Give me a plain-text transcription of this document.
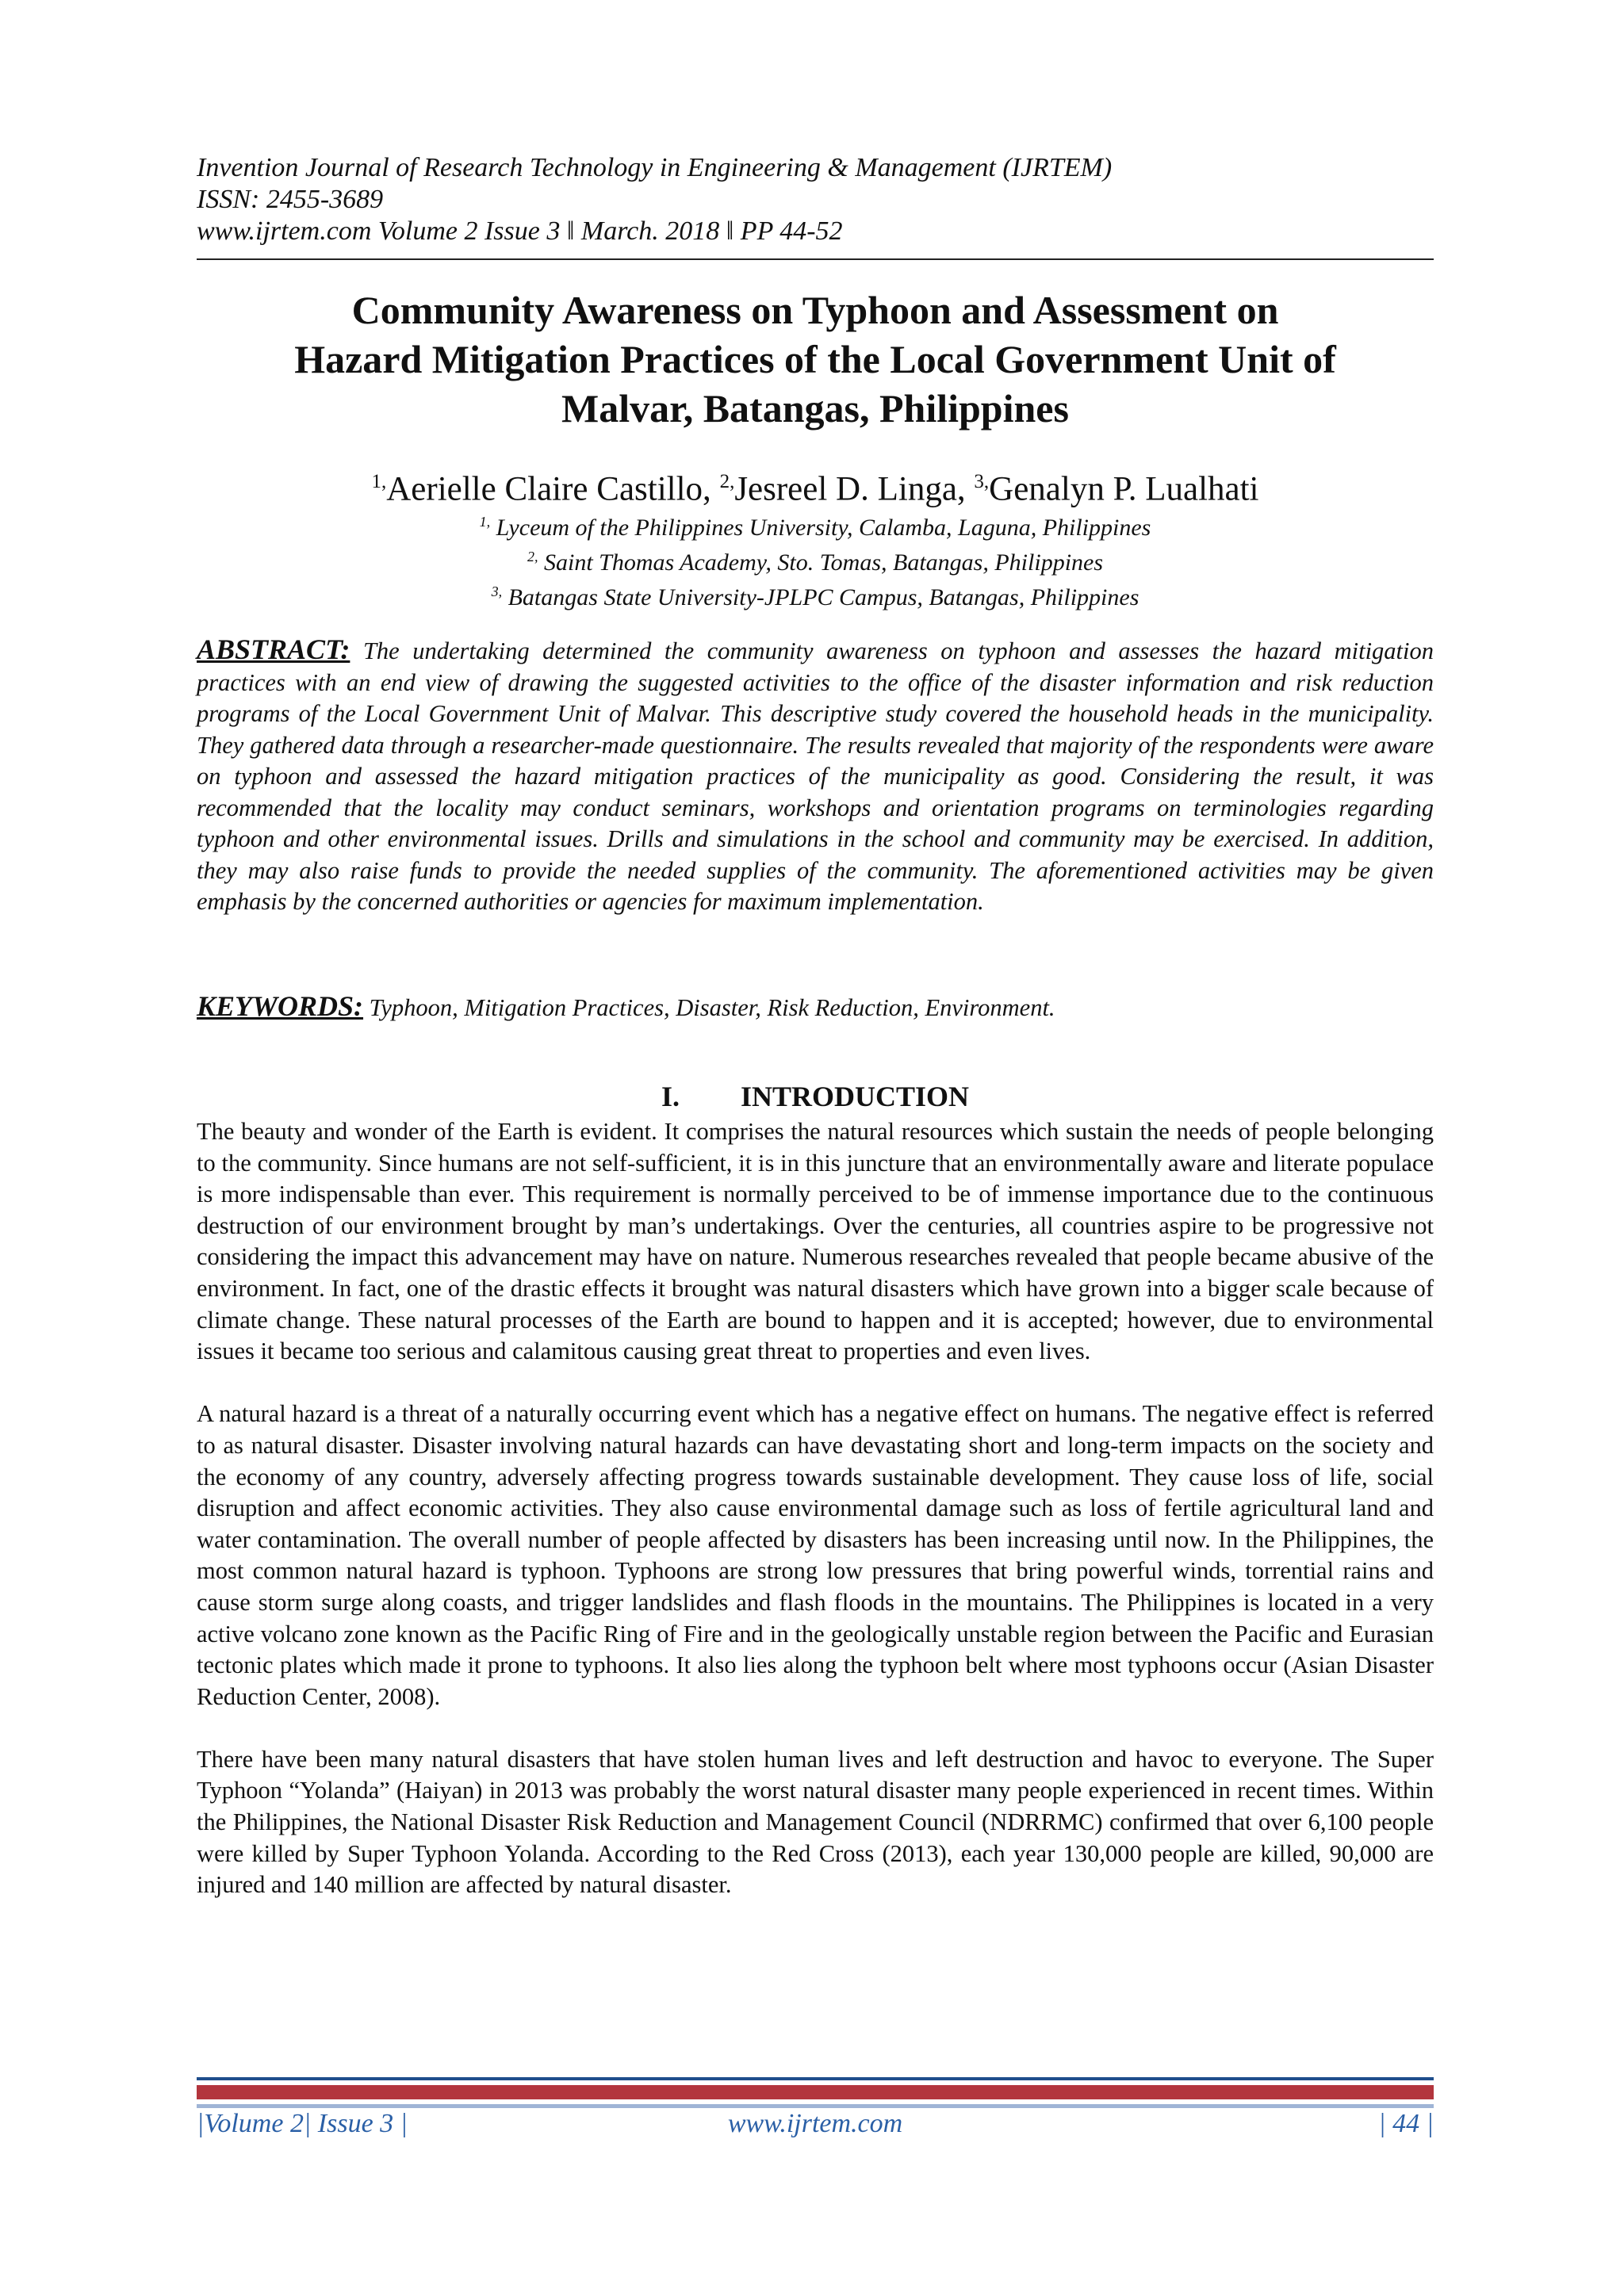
Invention Journal of Research Technology in Engineering & Management (IJRTEM)
ISSN: 2455-3689
www.ijrtem.com Volume 2 Issue 3 ‖ March. 2018 ‖ PP 44-52
Community Awareness on Typhoon and Assessment on
Hazard Mitigation Practices of the Local Government Unit of
Malvar, Batangas, Philippines
$^{1,}$Aerielle Claire Castillo, $^{2,}$Jesreel D. Linga, $^{3,}$Genalyn P. Lualhati
$^{1,}$ Lyceum of the Philippines University, Calamba, Laguna, Philippines
$^{2,}$ Saint Thomas Academy, Sto. Tomas, Batangas, Philippines
$^{3,}$ Batangas State University-JPLPC Campus, Batangas, Philippines
ABSTRACT: The undertaking determined the community awareness on typhoon and assesses the hazard mitigation practices with an end view of drawing the suggested activities to the office of the disaster information and risk reduction programs of the Local Government Unit of Malvar. This descriptive study covered the household heads in the municipality. They gathered data through a researcher-made questionnaire. The results revealed that majority of the respondents were aware on typhoon and assessed the hazard mitigation practices of the municipality as good. Considering the result, it was recommended that the locality may conduct seminars, workshops and orientation programs on terminologies regarding typhoon and other environmental issues. Drills and simulations in the school and community may be exercised. In addition, they may also raise funds to provide the needed supplies of the community. The aforementioned activities may be given emphasis by the concerned authorities or agencies for maximum implementation.
KEYWORDS: Typhoon, Mitigation Practices, Disaster, Risk Reduction, Environment.
I. INTRODUCTION

The beauty and wonder of the Earth is evident. It comprises the natural resources which sustain the needs of people belonging to the community. Since humans are not self-sufficient, it is in this juncture that an environmentally aware and literate populace is more indispensable than ever. This requirement is normally perceived to be of immense importance due to the continuous destruction of our environment brought by man’s undertakings. Over the centuries, all countries aspire to be progressive not considering the impact this advancement may have on nature. Numerous researches revealed that people became abusive of the environment. In fact, one of the drastic effects it brought was natural disasters which have grown into a bigger scale because of climate change. These natural processes of the Earth are bound to happen and it is accepted; however, due to environmental issues it became too serious and calamitous causing great threat to properties and even lives.

A natural hazard is a threat of a naturally occurring event which has a negative effect on humans. The negative effect is referred to as natural disaster. Disaster involving natural hazards can have devastating short and long-term impacts on the society and the economy of any country, adversely affecting progress towards sustainable development. They cause loss of life, social disruption and affect economic activities. They also cause environmental damage such as loss of fertile agricultural land and water contamination. The overall number of people affected by disasters has been increasing until now. In the Philippines, the most common natural hazard is typhoon. Typhoons are strong low pressures that bring powerful winds, torrential rains and cause storm surge along coasts, and trigger landslides and flash floods in the mountains. The Philippines is located in a very active volcano zone known as the Pacific Ring of Fire and in the geologically unstable region between the Pacific and Eurasian tectonic plates which made it prone to typhoons. It also lies along the typhoon belt where most typhoons occur (Asian Disaster Reduction Center, 2008).

There have been many natural disasters that have stolen human lives and left destruction and havoc to everyone. The Super Typhoon “Yolanda” (Haiyan) in 2013 was probably the worst natural disaster many people experienced in recent times. Within the Philippines, the National Disaster Risk Reduction and Management Council (NDRRMC) confirmed that over 6,100 people were killed by Super Typhoon Yolanda. According to the Red Cross (2013), each year 130,000 people are killed, 90,000 are injured and 140 million are affected by natural disaster.

|Volume 2| Issue 3 |	www.ijrtem.com	| 44 |
